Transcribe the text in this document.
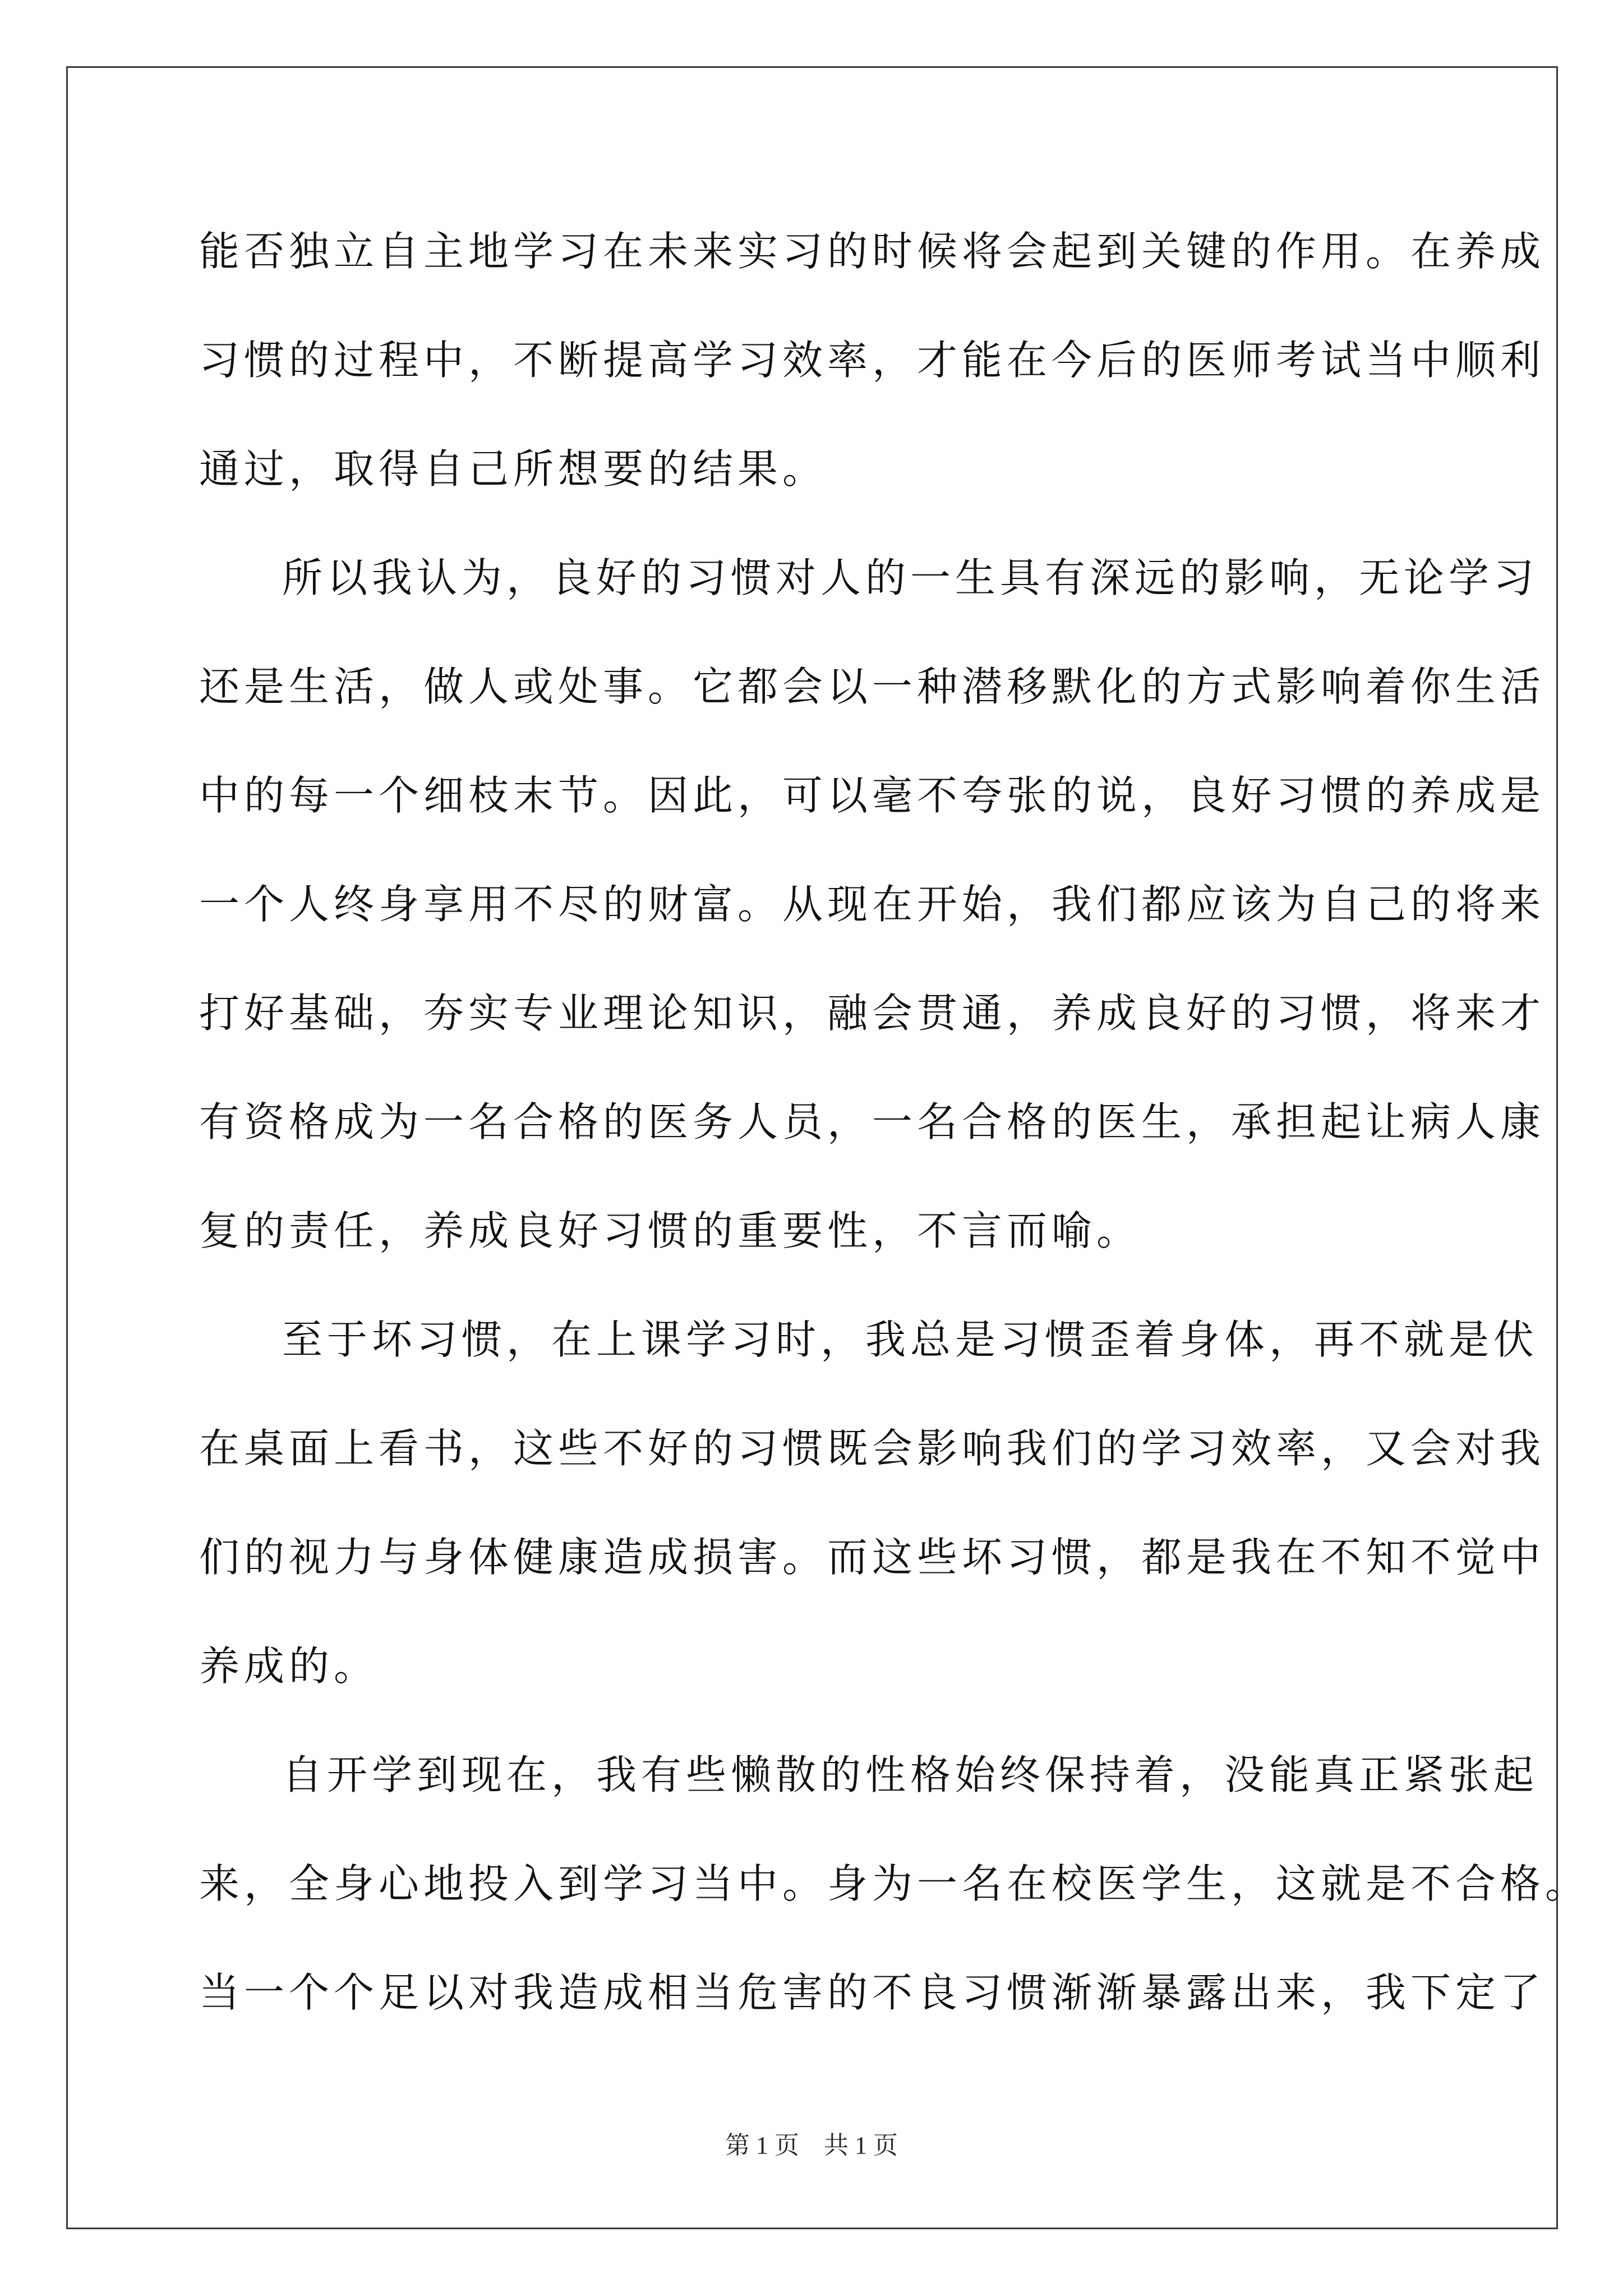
能否独立自主地学习在未来实习的时候将会起到关键的作用。在养成
习惯的过程中，不断提高学习效率，才能在今后的医师考试当中顺利
通过，取得自己所想要的结果。
所以我认为，良好的习惯对人的一生具有深远的影响，无论学习
还是生活，做人或处事。它都会以一种潜移默化的方式影响着你生活
中的每一个细枝末节。因此，可以毫不夸张的说，良好习惯的养成是
一个人终身享用不尽的财富。从现在开始，我们都应该为自己的将来
打好基础，夯实专业理论知识，融会贯通，养成良好的习惯，将来才
有资格成为一名合格的医务人员，一名合格的医生，承担起让病人康
复的责任，养成良好习惯的重要性，不言而喻。
至于坏习惯，在上课学习时，我总是习惯歪着身体，再不就是伏
在桌面上看书，这些不好的习惯既会影响我们的学习效率，又会对我
们的视力与身体健康造成损害。而这些坏习惯，都是我在不知不觉中
养成的。
自开学到现在，我有些懒散的性格始终保持着，没能真正紧张起
来，全身心地投入到学习当中。身为一名在校医学生，这就是不合格。
当一个个足以对我造成相当危害的不良习惯渐渐暴露出来，我下定了
第 1 页 共 1 页
